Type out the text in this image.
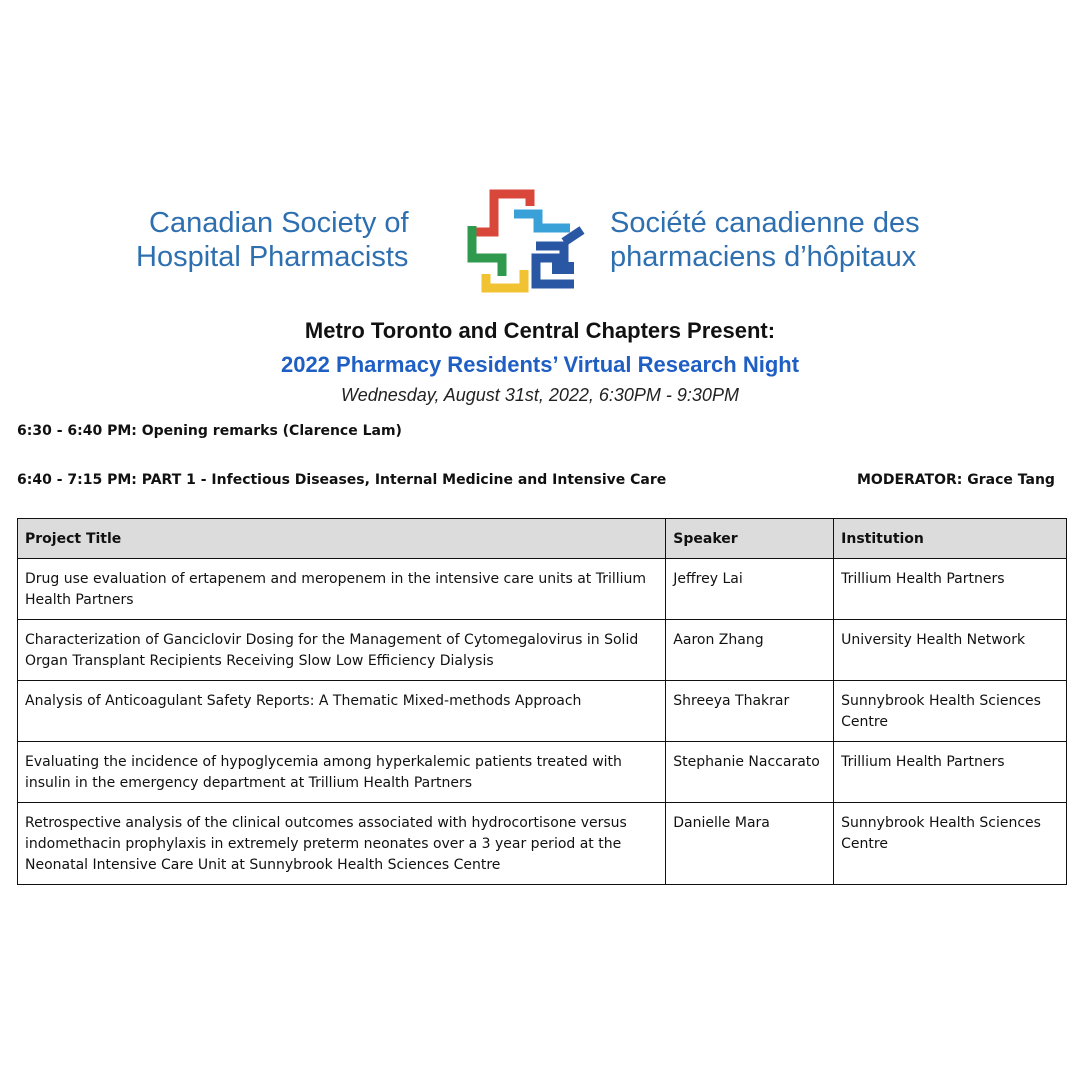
Canadian Society of
Hospital Pharmacists
Société canadienne des
pharmaciens d’hôpitaux
Metro Toronto and Central Chapters Present:
2022 Pharmacy Residents’ Virtual Research Night
Wednesday, August 31st, 2022, 6:30PM - 9:30PM
6:30 - 6:40 PM: Opening remarks (Clarence Lam)
6:40 - 7:15 PM: PART 1 - Infectious Diseases, Internal Medicine and Intensive Care	MODERATOR: Grace Tang
Project Title	Speaker	Institution
Drug use evaluation of ertapenem and meropenem in the intensive care units at Trillium Health Partners	Jeffrey Lai	Trillium Health Partners
Characterization of Ganciclovir Dosing for the Management of Cytomegalovirus in Solid Organ Transplant Recipients Receiving Slow Low Efficiency Dialysis	Aaron Zhang	University Health Network
Analysis of Anticoagulant Safety Reports: A Thematic Mixed-methods Approach	Shreeya Thakrar	Sunnybrook Health Sciences Centre
Evaluating the incidence of hypoglycemia among hyperkalemic patients treated with insulin in the emergency department at Trillium Health Partners	Stephanie Naccarato	Trillium Health Partners
Retrospective analysis of the clinical outcomes associated with hydrocortisone versus indomethacin prophylaxis in extremely preterm neonates over a 3 year period at the Neonatal Intensive Care Unit at Sunnybrook Health Sciences Centre	Danielle Mara	Sunnybrook Health Sciences Centre
